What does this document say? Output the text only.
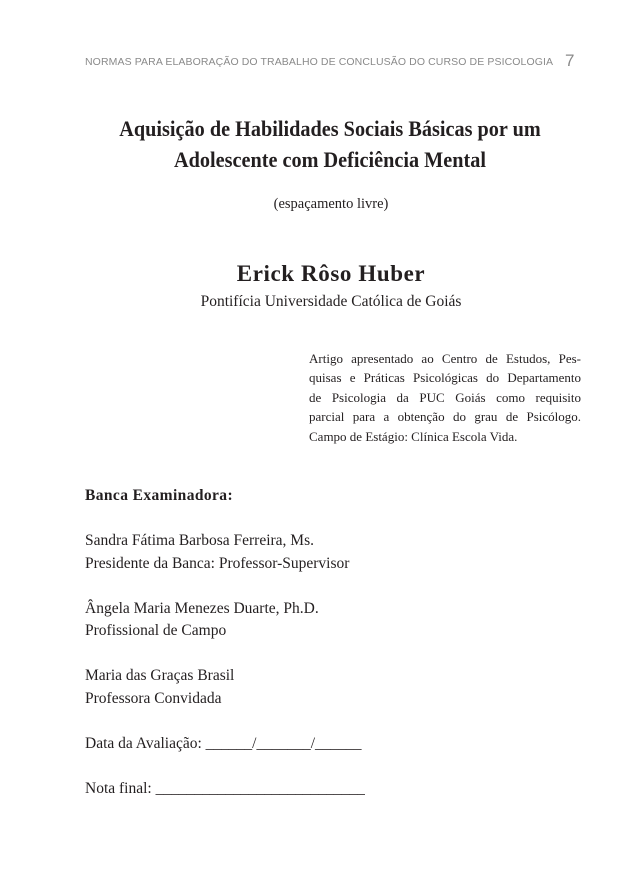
NORMAS PARA ELABORAÇÃO DO TRABALHO DE CONCLUSÃO DO CURSO DE PSICOLOGIA 7
Aquisição de Habilidades Sociais Básicas por um
Adolescente com Deficiência Mental
(espaçamento livre)
Erick Rôso Huber
Pontifícia Universidade Católica de Goiás
Artigo apresentado ao Centro de Estudos, Pes-
quisas e Práticas Psicológicas do Departamento
de Psicologia da PUC Goiás como requisito
parcial para a obtenção do grau de Psicólogo.
Campo de Estágio: Clínica Escola Vida.
Banca Examinadora:
Sandra Fátima Barbosa Ferreira, Ms.
Presidente da Banca: Professor-Supervisor
Ângela Maria Menezes Duarte, Ph.D.
Profissional de Campo
Maria das Graças Brasil
Professora Convidada
Data da Avaliação: ______/_______/______
Nota final: ___________________________
